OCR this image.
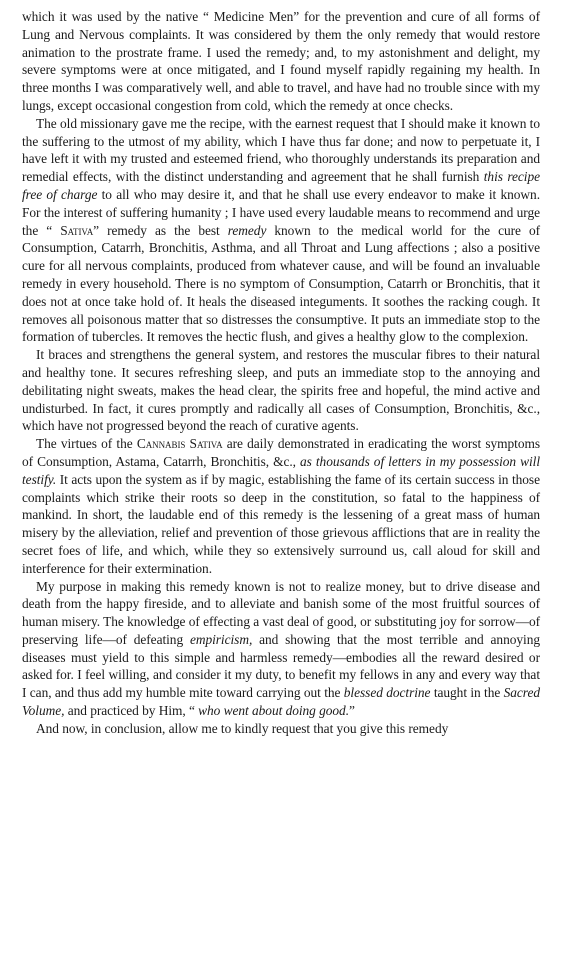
which it was used by the native “ Medicine Men” for the prevention and cure of all forms of Lung and Nervous complaints. It was considered by them the only remedy that would restore animation to the prostrate frame. I used the remedy; and, to my astonishment and delight, my severe symptoms were at once mitigated, and I found myself rapidly regaining my health. In three months I was comparatively well, and able to travel, and have had no trouble since with my lungs, except occasional congestion from cold, which the remedy at once checks.

The old missionary gave me the recipe, with the earnest request that I should make it known to the suffering to the utmost of my ability, which I have thus far done; and now to perpetuate it, I have left it with my trusted and esteemed friend, who thoroughly understands its preparation and remedial effects, with the distinct understanding and agreement that he shall furnish this recipe free of charge to all who may desire it, and that he shall use every endeavor to make it known. For the interest of suffering humanity ; I have used every laudable means to recommend and urge the “ Sativa” remedy as the best remedy known to the medical world for the cure of Consumption, Catarrh, Bronchitis, Asthma, and all Throat and Lung affections ; also a positive cure for all nervous complaints, produced from whatever cause, and will be found an invaluable remedy in every household. There is no symptom of Consumption, Catarrh or Bronchitis, that it does not at once take hold of. It heals the diseased integuments. It soothes the racking cough. It removes all poisonous matter that so distresses the consumptive. It puts an immediate stop to the formation of tubercles. It removes the hectic flush, and gives a healthy glow to the complexion.

It braces and strengthens the general system, and restores the muscular fibres to their natural and healthy tone. It secures refreshing sleep, and puts an immediate stop to the annoying and debilitating night sweats, makes the head clear, the spirits free and hopeful, the mind active and undisturbed. In fact, it cures promptly and radically all cases of Consumption, Bronchitis, &c., which have not progressed beyond the reach of curative agents.

The virtues of the Cannabis Sativa are daily demonstrated in eradicating the worst symptoms of Consumption, Astama, Catarrh, Bronchitis, &c., as thousands of letters in my possession will testify. It acts upon the system as if by magic, establishing the fame of its certain success in those complaints which strike their roots so deep in the constitution, so fatal to the happiness of mankind. In short, the laudable end of this remedy is the lessening of a great mass of human misery by the alleviation, relief and prevention of those grievous afflictions that are in reality the secret foes of life, and which, while they so extensively surround us, call aloud for skill and interference for their extermination.

My purpose in making this remedy known is not to realize money, but to drive disease and death from the happy fireside, and to alleviate and banish some of the most fruitful sources of human misery. The knowledge of effecting a vast deal of good, or substituting joy for sorrow—of preserving life—of defeating empiricism, and showing that the most terrible and annoying diseases must yield to this simple and harmless remedy—embodies all the reward desired or asked for. I feel willing, and consider it my duty, to benefit my fellows in any and every way that I can, and thus add my humble mite toward carrying out the blessed doctrine taught in the Sacred Volume, and practiced by Him, “ who went about doing good.”

And now, in conclusion, allow me to kindly request that you give this remedy
